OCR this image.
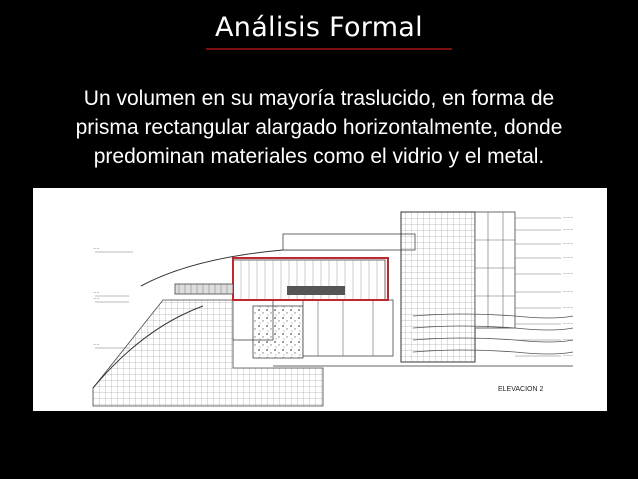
Análisis Formal
Un volumen en su mayoría traslucido, en forma de
prisma rectangular alargado horizontalmente, donde
predominan materiales como el vidrio y el metal.
~~~
~~~
~~~
~~~
~~~
~~~
~~~
~~~
~~~
~~~
~~
~~
~~
~~
ELEVACION 2
